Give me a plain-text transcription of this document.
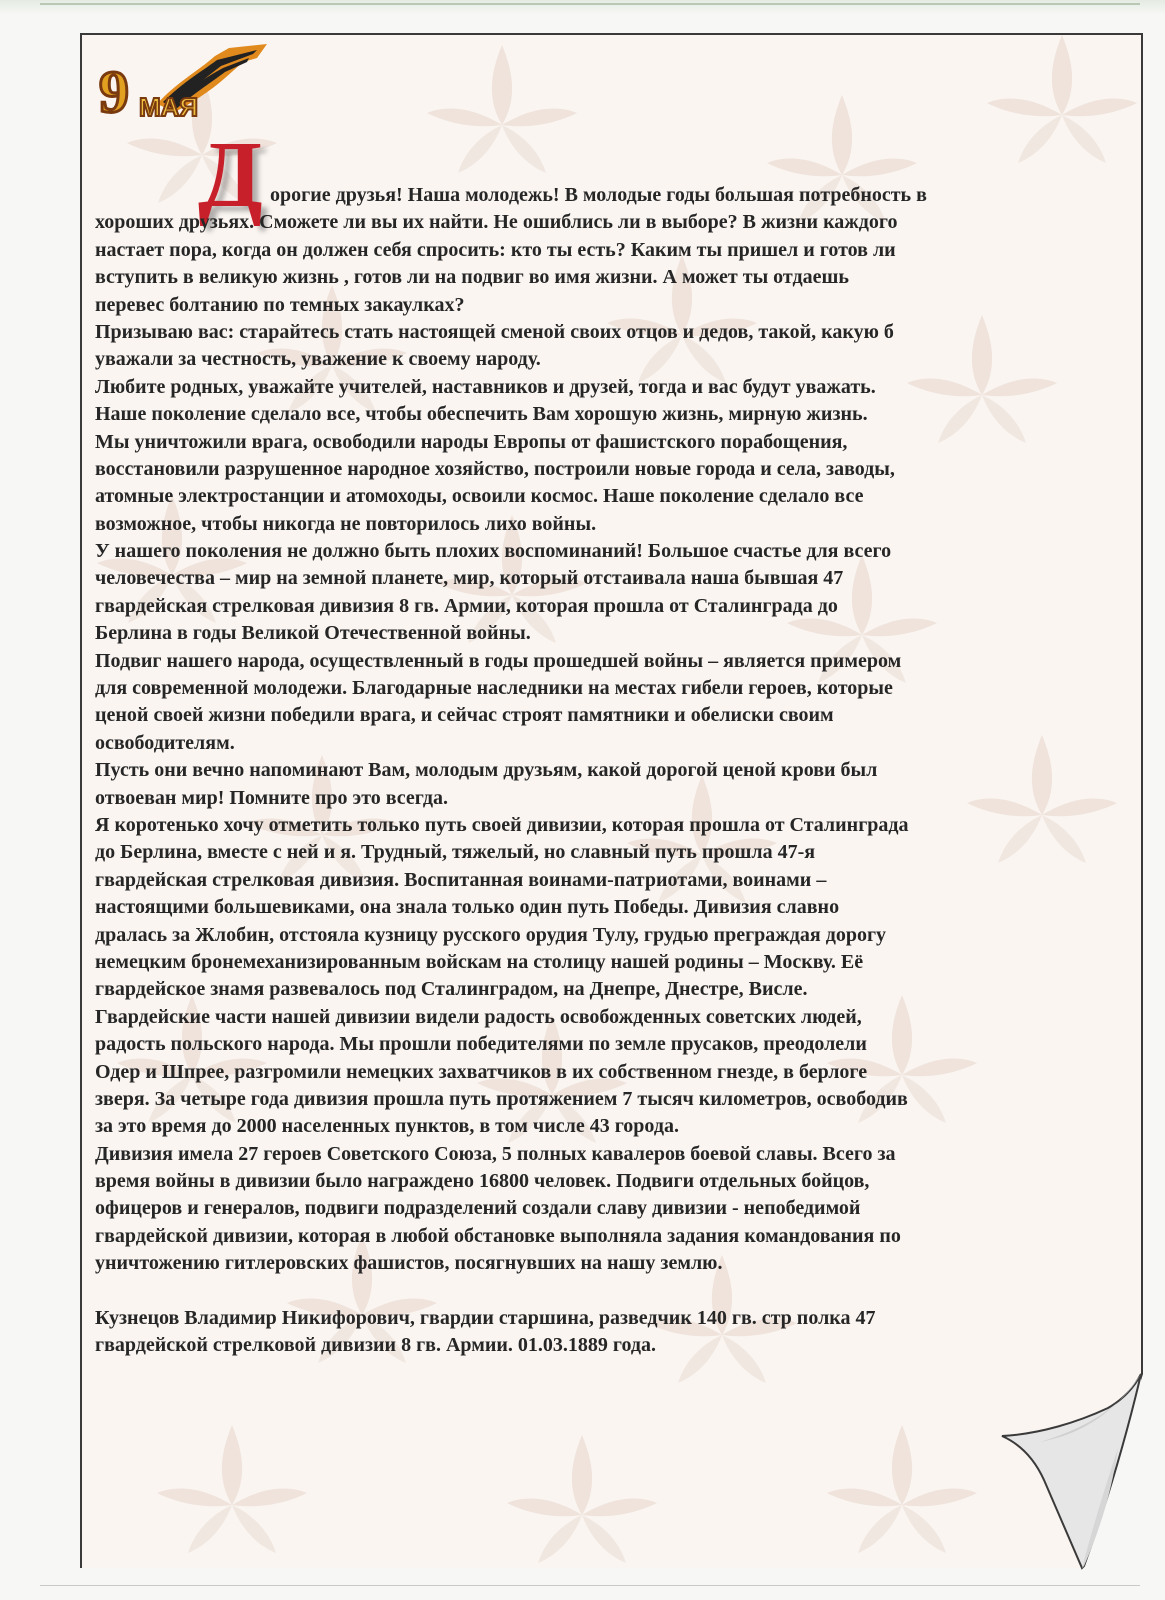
9 МАЯ
Д орогие друзья! Наша молодежь! В молодые годы большая потребность в
хороших друзьях. Сможете ли вы их найти. Не ошиблись ли в выборе? В жизни каждого
настает пора, когда он должен себя спросить: кто ты есть? Каким ты пришел и готов ли
вступить в великую жизнь , готов ли на подвиг во имя жизни. А может ты отдаешь
перевес болтанию по темных закаулках?
Призываю вас: старайтесь стать настоящей сменой своих отцов и дедов, такой, какую б
уважали за честность, уважение к своему народу.
Любите родных, уважайте учителей, наставников и друзей, тогда и вас будут уважать.
Наше поколение сделало все, чтобы обеспечить Вам хорошую жизнь, мирную жизнь.
Мы уничтожили врага, освободили народы Европы от фашистского порабощения,
восстановили разрушенное народное хозяйство, построили новые города и села, заводы,
атомные электростанции и атомоходы, освоили космос. Наше поколение сделало все
возможное, чтобы никогда не повторилось лихо войны.
У нашего поколения не должно быть плохих воспоминаний! Большое счастье для всего
человечества – мир на земной планете, мир, который отстаивала наша бывшая 47
гвардейская стрелковая дивизия 8 гв. Армии, которая прошла от Сталинграда до
Берлина в годы Великой Отечественной войны.
Подвиг нашего народа, осуществленный в годы прошедшей войны – является примером
для современной молодежи. Благодарные наследники на местах гибели героев, которые
ценой своей жизни победили врага, и сейчас строят памятники и обелиски своим
освободителям.
Пусть они вечно напоминают Вам, молодым друзьям, какой дорогой ценой крови был
отвоеван мир! Помните про это всегда.
Я коротенько хочу отметить только путь своей дивизии, которая прошла от Сталинграда
до Берлина, вместе с ней и я. Трудный, тяжелый, но славный путь прошла 47-я
гвардейская стрелковая дивизия. Воспитанная воинами-патриотами, воинами –
настоящими большевиками, она знала только один путь Победы. Дивизия славно
дралась за Жлобин, отстояла кузницу русского орудия Тулу, грудью преграждая дорогу
немецким бронемеханизированным войскам на столицу нашей родины – Москву. Её
гвардейское знамя развевалось под Сталинградом, на Днепре, Днестре, Висле.
Гвардейские части нашей дивизии видели радость освобожденных советских людей,
радость польского народа. Мы прошли победителями по земле прусаков, преодолели
Одер и Шпрее, разгромили немецких захватчиков в их собственном гнезде, в берлоге
зверя. За четыре года дивизия прошла путь протяжением 7 тысяч километров, освободив
за это время до 2000 населенных пунктов, в том числе 43 города.
Дивизия имела 27 героев Советского Союза, 5 полных кавалеров боевой славы. Всего за
время войны в дивизии было награждено 16800 человек. Подвиги отдельных бойцов,
офицеров и генералов, подвиги подразделений создали славу дивизии - непобедимой
гвардейской дивизии, которая в любой обстановке выполняла задания командования по
уничтожению гитлеровских фашистов, посягнувших на нашу землю.
Кузнецов Владимир Никифорович, гвардии старшина, разведчик 140 гв. стр полка 47
гвардейской стрелковой дивизии 8 гв. Армии. 01.03.1889 года.
